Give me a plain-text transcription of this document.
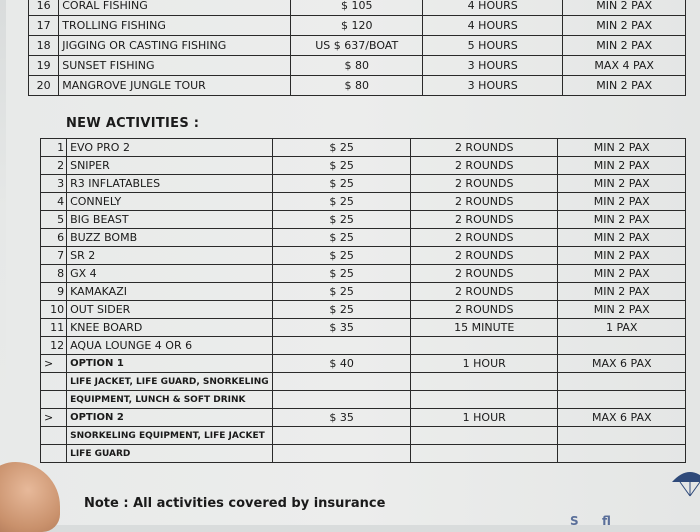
16	CORAL FISHING	$ 105	4 HOURS	MIN 2 PAX
17	TROLLING FISHING	$ 120	4 HOURS	MIN 2 PAX
18	JIGGING OR CASTING FISHING	US $ 637/BOAT	5 HOURS	MIN 2 PAX
19	SUNSET FISHING	$ 80	3 HOURS	MAX 4 PAX
20	MANGROVE JUNGLE TOUR	$ 80	3 HOURS	MIN 2 PAX
NEW ACTIVITIES :
1	EVO PRO 2	$ 25	2 ROUNDS	MIN 2 PAX
2	SNIPER	$ 25	2 ROUNDS	MIN 2 PAX
3	R3 INFLATABLES	$ 25	2 ROUNDS	MIN 2 PAX
4	CONNELY	$ 25	2 ROUNDS	MIN 2 PAX
5	BIG BEAST	$ 25	2 ROUNDS	MIN 2 PAX
6	BUZZ BOMB	$ 25	2 ROUNDS	MIN 2 PAX
7	SR 2	$ 25	2 ROUNDS	MIN 2 PAX
8	GX 4	$ 25	2 ROUNDS	MIN 2 PAX
9	KAMAKAZI	$ 25	2 ROUNDS	MIN 2 PAX
10	OUT SIDER	$ 25	2 ROUNDS	MIN 2 PAX
11	KNEE BOARD	$ 35	15 MINUTE	1 PAX
12	AQUA LOUNGE 4 OR 6			
>	OPTION 1	$ 40	1 HOUR	MAX 6 PAX
	LIFE JACKET, LIFE GUARD, SNORKELING			
	EQUIPMENT, LUNCH & SOFT DRINK			
>	OPTION 2	$ 35	1 HOUR	MAX 6 PAX
	SNORKELING EQUIPMENT, LIFE JACKET			
	LIFE GUARD			
Note : All activities covered by insurance
S fl
